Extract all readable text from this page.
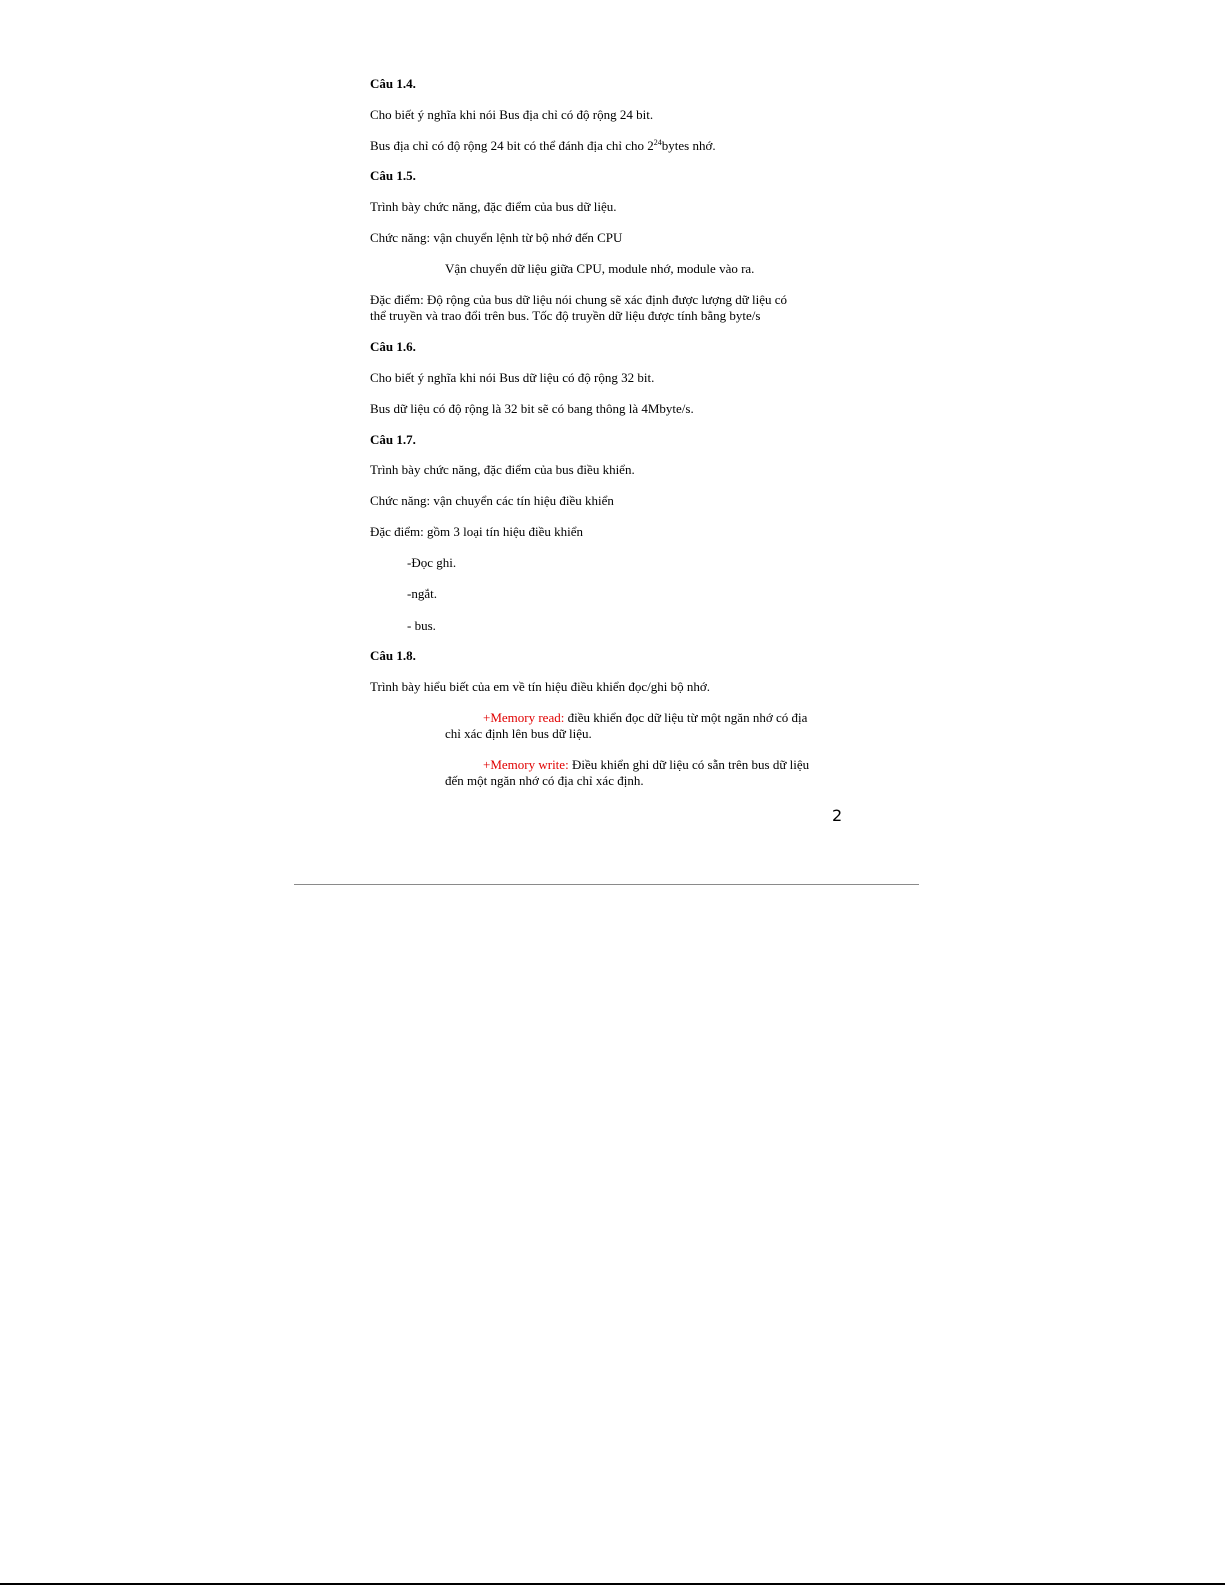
Câu 1.4.
Cho biết ý nghĩa khi nói Bus địa chỉ có độ rộng 24 bit.
Bus địa chỉ có độ rộng 24 bit có thể đánh địa chỉ cho $2^{24}bytes$ nhớ.
Câu 1.5.
Trình bày chức năng, đặc điểm của bus dữ liệu.
Chức năng: vận chuyển lệnh từ bộ nhớ đến CPU
Vận chuyển dữ liệu giữa CPU, module nhớ, module vào ra.
Đặc điểm: Độ rộng của bus dữ liệu nói chung sẽ xác định được lượng dữ liệu có
thể truyền và trao đổi trên bus. Tốc độ truyền dữ liệu được tính bằng byte/s
Câu 1.6.
Cho biết ý nghĩa khi nói Bus dữ liệu có độ rộng 32 bit.
Bus dữ liệu có độ rộng là 32 bit sẽ có bang thông là 4Mbyte/s.
Câu 1.7.
Trình bày chức năng, đặc điểm của bus điều khiển.
Chức năng: vận chuyển các tín hiệu điều khiển
Đặc điểm: gồm 3 loại tín hiệu điều khiển
-Đọc ghi.
-ngắt.
- bus.
Câu 1.8.
Trình bày hiểu biết của em về tín hiệu điều khiển đọc/ghi bộ nhớ.
+Memory read: điều khiển đọc dữ liệu từ một ngăn nhớ có địa
chỉ xác định lên bus dữ liệu.
+Memory write: Điều khiển ghi dữ liệu có sẵn trên bus dữ liệu
đến một ngăn nhớ có địa chỉ xác định.
2
